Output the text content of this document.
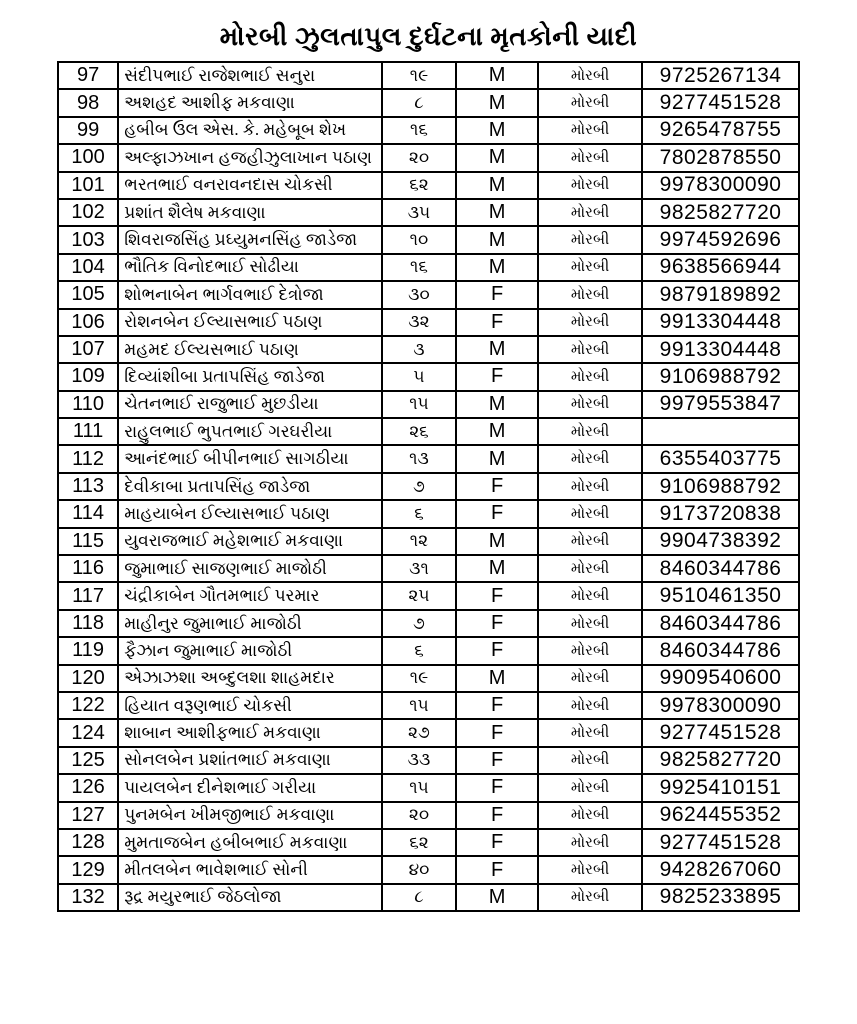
મોરબી ઝુલતાપુલ દુર્ઘટના મૃતકોની યાદી
97	સંદીપભાઈ રાજેશભાઈ સનુરા	૧૯	M	મોરબી	9725267134
98	અશહદ આશીફ મકવાણા	૮	M	મોરબી	9277451528
99	હબીબ ઉલ એસ. કે. મહેબૂબ શેખ	૧૬	M	મોરબી	9265478755
100	અલ્ફાઝખાન હજહીઝુલાખાન પઠાણ	૨૦	M	મોરબી	7802878550
101	ભરતભાઈ વનરાવનદાસ ચોકસી	૬૨	M	મોરબી	9978300090
102	પ્રશાંત શૈલેષ મકવાણા	૩૫	M	મોરબી	9825827720
103	શિવરાજસિંહ પ્રઘ્યુમનસિંહ જાડેજા	૧૦	M	મોરબી	9974592696
104	ભૌતિક વિનોદભાઈ સોઢીયા	૧૬	M	મોરબી	9638566944
105	શોભનાબેન ભાર્ગવભાઈ દેત્રોજા	૩૦	F	મોરબી	9879189892
106	રોશનબેન ઈલ્યાસભાઈ પઠાણ	૩૨	F	મોરબી	9913304448
107	મહમદ ઈલ્યસભાઈ પઠાણ	૩	M	મોરબી	9913304448
109	દિવ્યાંશીબા પ્રતાપસિંહ જાડેજા	૫	F	મોરબી	9106988792
110	ચેતનભાઈ રાજુભાઈ મુછડીયા	૧૫	M	મોરબી	9979553847
111	રાહુલભાઈ ભુપતભાઈ ગરઘરીયા	૨૬	M	મોરબી	
112	આનંદભાઈ બીપીનભાઈ સાગઠીયા	૧૩	M	મોરબી	6355403775
113	દેવીકાબા પ્રતાપસિંહ જાડેજા	૭	F	મોરબી	9106988792
114	માહયાબેન ઈલ્યાસભાઈ પઠાણ	૬	F	મોરબી	9173720838
115	યુવરાજભાઈ મહેશભાઈ મકવાણા	૧૨	M	મોરબી	9904738392
116	જુમાભાઈ સાજણભાઈ માજોઠી	૩૧	M	મોરબી	8460344786
117	ચંદ્રીકાબેન ગૌતમભાઈ પરમાર	૨૫	F	મોરબી	9510461350
118	માહીનુર જુમાભાઈ માજોઠી	૭	F	મોરબી	8460344786
119	ફૈઝાન જુમાભાઈ માજોઠી	૬	F	મોરબી	8460344786
120	એઝાઝશા અબ્દુલશા શાહમદાર	૧૯	M	મોરબી	9909540600
122	હિયાત વરૂણભાઈ ચોકસી	૧૫	F	મોરબી	9978300090
124	શાબાન આશીફભાઈ મકવાણા	૨૭	F	મોરબી	9277451528
125	સોનલબેન પ્રશાંતભાઈ મકવાણા	૩૩	F	મોરબી	9825827720
126	પાયલબેન દીનેશભાઈ ગરીયા	૧૫	F	મોરબી	9925410151
127	પુનમબેન ખીમજીભાઈ મકવાણા	૨૦	F	મોરબી	9624455352
128	મુમતાજબેન હબીબભાઈ મકવાણા	૬૨	F	મોરબી	9277451528
129	મીતલબેન ભાવેશભાઈ સોની	૪૦	F	મોરબી	9428267060
132	રૂદ્ર મયુરભાઈ જેઠલોજા	૮	M	મોરબી	9825233895
